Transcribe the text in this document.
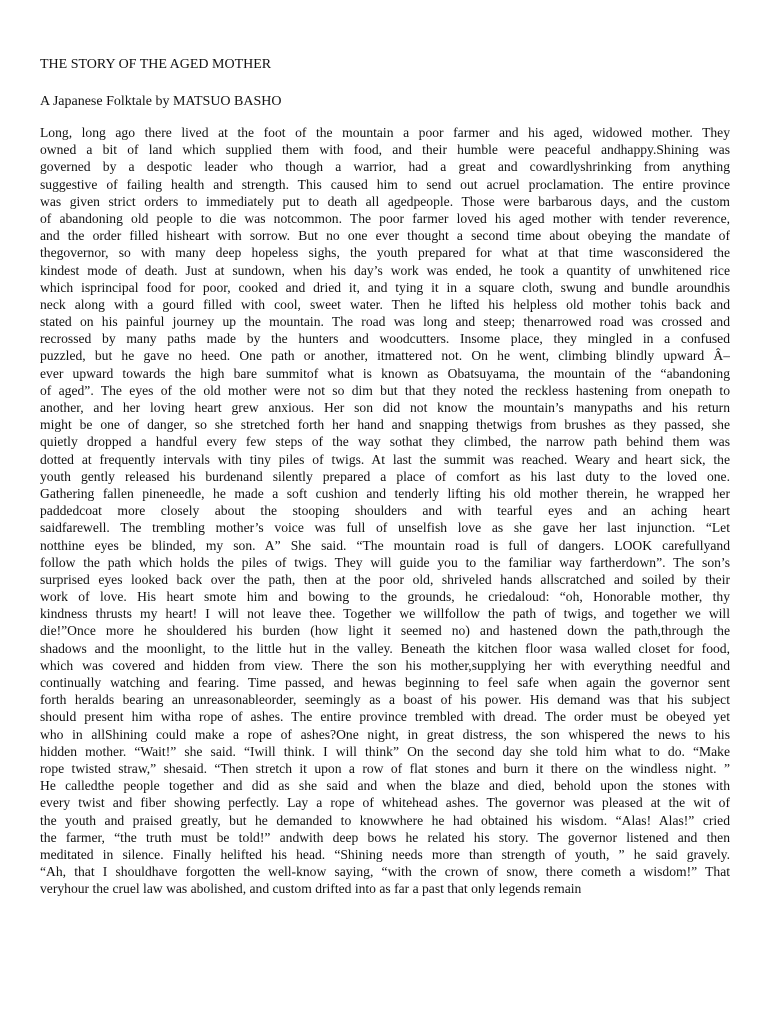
THE STORY OF THE AGED MOTHER
A Japanese Folktale by MATSUO BASHO
Long, long ago there lived at the foot of the mountain a poor farmer and his aged, widowed mother. They
owned a bit of land which supplied them with food, and their humble were peaceful andhappy.Shining was
governed by a despotic leader who though a warrior, had a great and cowardlyshrinking from anything
suggestive of failing health and strength. This caused him to send out acruel proclamation. The entire province
was given strict orders to immediately put to death all agedpeople. Those were barbarous days, and the custom
of abandoning old people to die was notcommon. The poor farmer loved his aged mother with tender reverence,
and the order filled hisheart with sorrow. But no one ever thought a second time about obeying the mandate of
thegovernor, so with many deep hopeless sighs, the youth prepared for what at that time wasconsidered the
kindest mode of death. Just at sundown, when his day’s work was ended, he took a quantity of unwhitened rice
which isprincipal food for poor, cooked and dried it, and tying it in a square cloth, swung and bundle aroundhis
neck along with a gourd filled with cool, sweet water. Then he lifted his helpless old mother tohis back and
stated on his painful journey up the mountain. The road was long and steep; thenarrowed road was crossed and
recrossed by many paths made by the hunters and woodcutters. Insome place, they mingled in a confused
puzzled, but he gave no heed. One path or another, itmattered not. On he went, climbing blindly upward Â–
ever upward towards the high bare summitof what is known as Obatsuyama, the mountain of the “abandoning
of aged”. The eyes of the old mother were not so dim but that they noted the reckless hastening from onepath to
another, and her loving heart grew anxious. Her son did not know the mountain’s manypaths and his return
might be one of danger, so she stretched forth her hand and snapping thetwigs from brushes as they passed, she
quietly dropped a handful every few steps of the way sothat they climbed, the narrow path behind them was
dotted at frequently intervals with tiny piles of twigs. At last the summit was reached. Weary and heart sick, the
youth gently released his burdenand silently prepared a place of comfort as his last duty to the loved one.
Gathering fallen pineneedle, he made a soft cushion and tenderly lifting his old mother therein, he wrapped her
paddedcoat more closely about the stooping shoulders and with tearful eyes and an aching heart
saidfarewell. The trembling mother’s voice was full of unselfish love as she gave her last injunction. “Let
notthine eyes be blinded, my son. A” She said. “The mountain road is full of dangers. LOOK carefullyand
follow the path which holds the piles of twigs. They will guide you to the familiar way fartherdown”. The son’s
surprised eyes looked back over the path, then at the poor old, shriveled hands allscratched and soiled by their
work of love. His heart smote him and bowing to the grounds, he criedaloud: “oh, Honorable mother, thy
kindness thrusts my heart! I will not leave thee. Together we willfollow the path of twigs, and together we will
die!”Once more he shouldered his burden (how light it seemed no) and hastened down the path,through the
shadows and the moonlight, to the little hut in the valley. Beneath the kitchen floor wasa walled closet for food,
which was covered and hidden from view. There the son his mother,supplying her with everything needful and
continually watching and fearing. Time passed, and hewas beginning to feel safe when again the governor sent
forth heralds bearing an unreasonableorder, seemingly as a boast of his power. His demand was that his subject
should present him witha rope of ashes. The entire province trembled with dread. The order must be obeyed yet
who in allShining could make a rope of ashes?One night, in great distress, the son whispered the news to his
hidden mother. “Wait!” she said. “Iwill think. I will think” On the second day she told him what to do. “Make
rope twisted straw,” shesaid. “Then stretch it upon a row of flat stones and burn it there on the windless night. ”
He calledthe people together and did as she said and when the blaze and died, behold upon the stones with
every twist and fiber showing perfectly. Lay a rope of whitehead ashes. The governor was pleased at the wit of
the youth and praised greatly, but he demanded to knowwhere he had obtained his wisdom. “Alas! Alas!” cried
the farmer, “the truth must be told!” andwith deep bows he related his story. The governor listened and then
meditated in silence. Finally helifted his head. “Shining needs more than strength of youth, ” he said gravely.
“Ah, that I shouldhave forgotten the well-know saying, “with the crown of snow, there cometh a wisdom!” That
veryhour the cruel law was abolished, and custom drifted into as far a past that only legends remain
